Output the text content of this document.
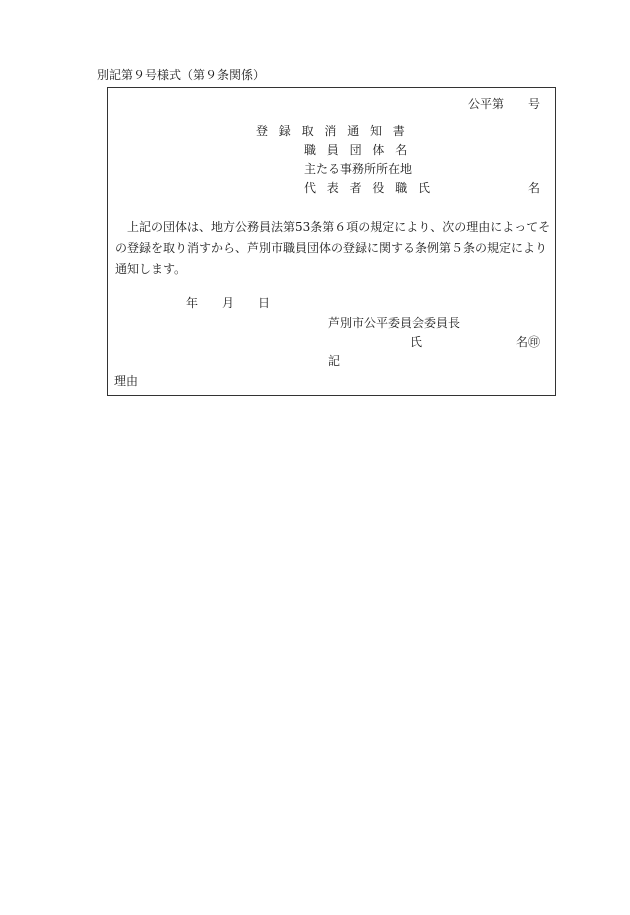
別記第９号様式（第９条関係）
公平第 号
登録取消通知書
職員団体名
主たる事務所所在地
代表者役職氏	名

上記の団体は、地方公務員法第53条第６項の規定により、次の理由によってその登録を取り消すから、芦別市職員団体の登録に関する条例第５条の規定により通知します。

年 月 日
芦別市公平委員会委員長
氏	名㊞
記
理由
